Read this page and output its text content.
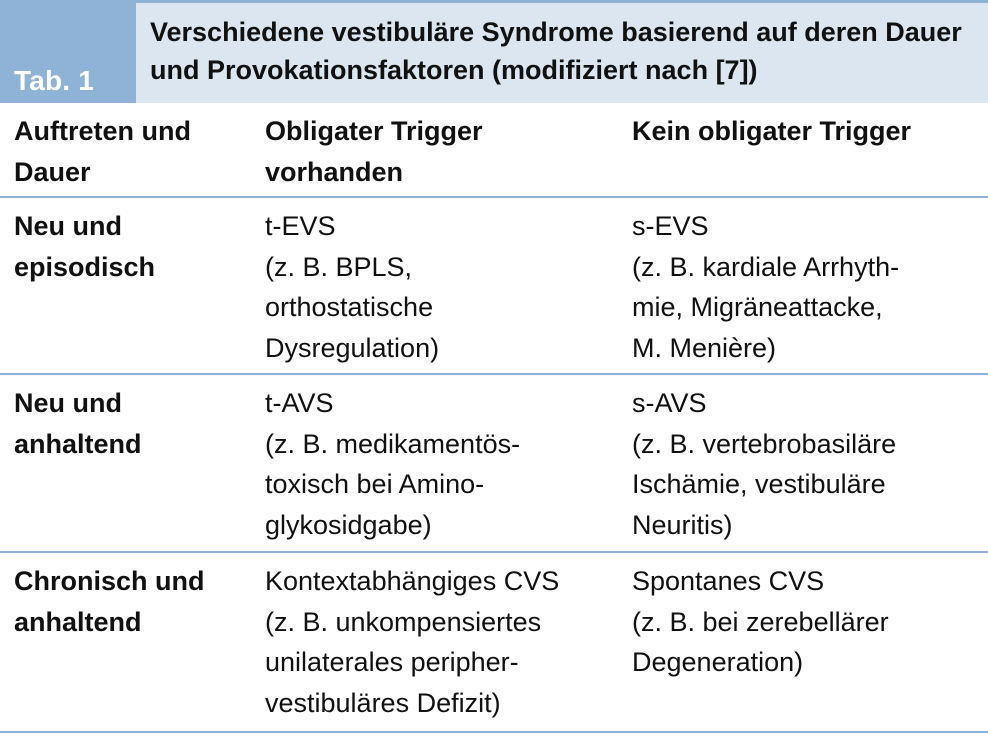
Tab. 1
Verschiedene vestibuläre Syndrome basierend auf deren Dauer und Provokationsfaktoren (modifiziert nach [7])
Auftreten und
Dauer
Obligater Trigger
vorhanden
Kein obligater Trigger
Neu und
episodisch
t-EVS
(z. B. BPLS,
orthostatische
Dysregulation)
s-EVS
(z. B. kardiale Arrhyth-
mie, Migräneattacke,
M. Menière)
Neu und
anhaltend
t-AVS
(z. B. medikamentös-
toxisch bei Amino-
glykosidgabe)
s-AVS
(z. B. vertebrobasiläre
Ischämie, vestibuläre
Neuritis)
Chronisch und
anhaltend
Kontextabhängiges CVS
(z. B. unkompensiertes
unilaterales peripher-
vestibuläres Defizit)
Spontanes CVS
(z. B. bei zerebellärer
Degeneration)
